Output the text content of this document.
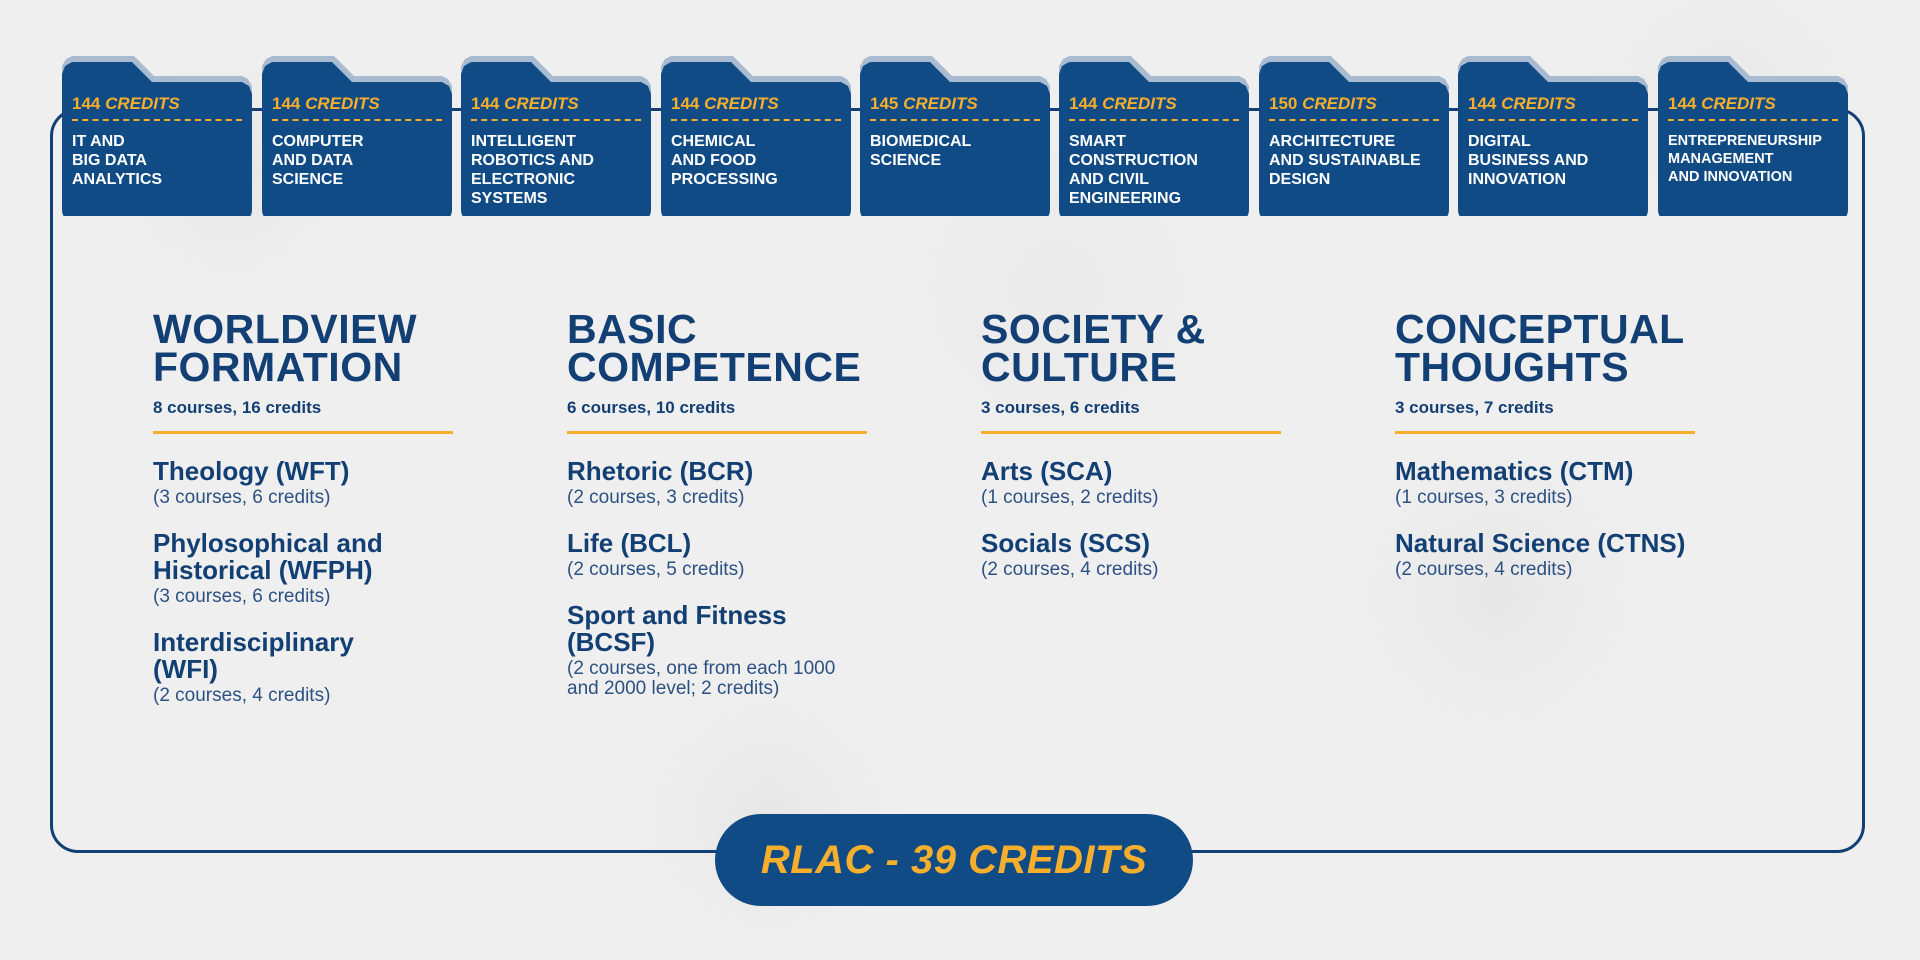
144 CREDITS
IT AND
BIG DATA
ANALYTICS
144 CREDITS
COMPUTER
AND DATA
SCIENCE
144 CREDITS
INTELLIGENT
ROBOTICS AND
ELECTRONIC
SYSTEMS
144 CREDITS
CHEMICAL
AND FOOD
PROCESSING
145 CREDITS
BIOMEDICAL
SCIENCE
144 CREDITS
SMART
CONSTRUCTION
AND CIVIL
ENGINEERING
150 CREDITS
ARCHITECTURE
AND SUSTAINABLE
DESIGN
144 CREDITS
DIGITAL
BUSINESS AND
INNOVATION
144 CREDITS
ENTREPRENEURSHIP
MANAGEMENT
AND INNOVATION
WORLDVIEW
FORMATION
8 courses, 16 credits
Theology (WFT)
(3 courses, 6 credits)
Phylosophical and
Historical (WFPH)
(3 courses, 6 credits)
Interdisciplinary
(WFI)
(2 courses, 4 credits)
BASIC
COMPETENCE
6 courses, 10 credits
Rhetoric (BCR)
(2 courses, 3 credits)
Life (BCL)
(2 courses, 5 credits)
Sport and Fitness
(BCSF)
(2 courses, one from each 1000
and 2000 level; 2 credits)
SOCIETY &
CULTURE
3 courses, 6 credits
Arts (SCA)
(1 courses, 2 credits)
Socials (SCS)
(2 courses, 4 credits)
CONCEPTUAL
THOUGHTS
3 courses, 7 credits
Mathematics (CTM)
(1 courses, 3 credits)
Natural Science (CTNS)
(2 courses, 4 credits)
RLAC - 39 CREDITS
